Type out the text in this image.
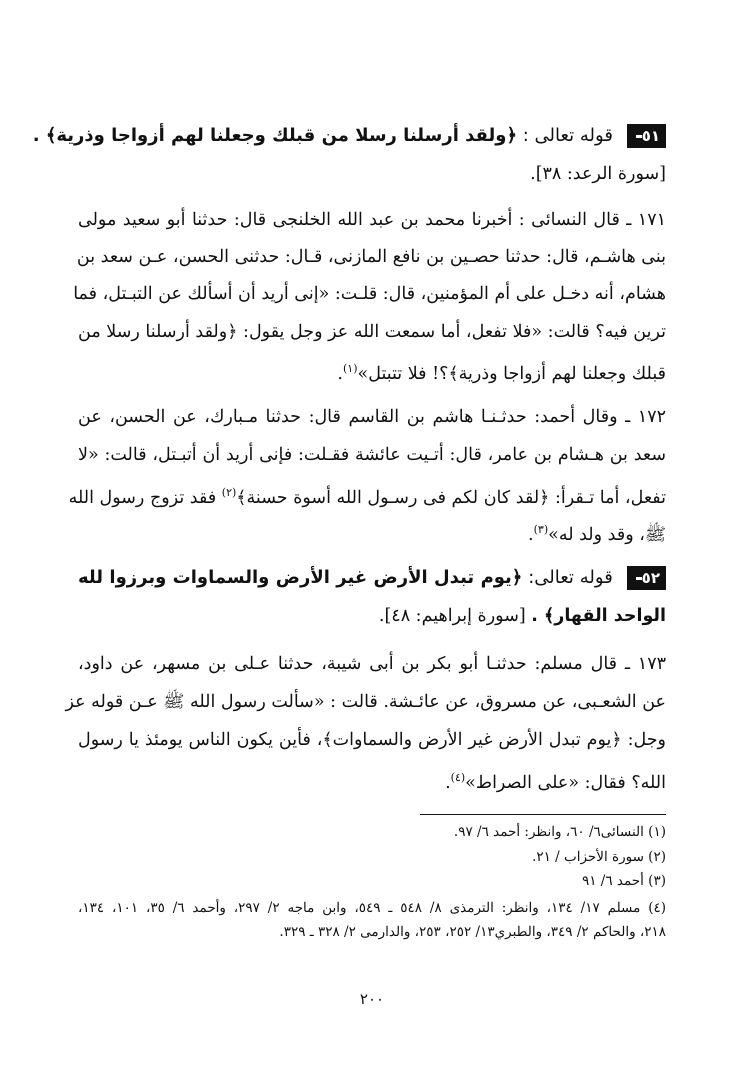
٥١ قوله تعالى : ﴿ولقد أرسلنا رسلا من قبلك وجعلنا لهم أزواجا وذرية﴾ .
[سورة الرعد: ٣٨].
١٧١ ـ قال النسائى : أخبرنا محمد بن عبد الله الخلنجى قال: حدثنا أبو سعيد مولى
بنى هاشـم، قال: حدثنا حصـين بن نافع المازنى، قـال: حدثنى الحسن، عـن سعد بن
هشام، أنه دخـل على أم المؤمنين، قال: قلـت: «إنى أريد أن أسألك عن التبـتل، فما
ترين فيه؟ قالت: «فلا تفعل، أما سمعت الله عز وجل يقول: ﴿ولقد أرسلنا رسلا من
قبلك وجعلنا لهم أزواجا وذرية﴾؟! فلا تتبتل»$^{(١)}$.
١٧٢ ـ وقال أحمد: حدثـنـا هاشم بن القاسم قال: حدثنا مـبارك، عن الحسن، عن
سعد بن هـشام بن عامر، قال: أتـيت عائشة فقـلت: فإنى أريد أن أتبـتل، قالت: «لا
تفعل، أما تـقرأ: ﴿لقد كان لكم فى رسـول الله أسوة حسنة﴾$^{(٢)}$ فقد تزوج رسول الله
ﷺ، وقد ولد له»$^{(٣)}$.
٥٢ قوله تعالى: ﴿يوم تبدل الأرض غير الأرض والسماوات وبرزوا لله
الواحد القهار﴾ . [سورة إبراهيم: ٤٨].
١٧٣ ـ قال مسلم: حدثنـا أبو بكر بن أبى شيبة، حدثنا عـلى بن مسهر، عن داود،
عن الشعـبى، عن مسروق، عن عائـشة. قالت : «سألت رسول الله ﷺ عـن قوله عز
وجل: ﴿يوم تبدل الأرض غير الأرض والسماوات﴾، فأين يكون الناس يومئذ يا رسول
الله؟ فقال: «على الصراط»$^{(٤)}$.
(١) النسائى٦/ ٦٠، وانظر: أحمد ٦/ ٩٧.
(٢) سورة الأحزاب / ٢١.
(٣) أحمد ٦/ ٩١
(٤) مسلم ١٧/ ١٣٤، وانظر: الترمذى ٨/ ٥٤٨ ـ ٥٤٩، وابن ماجه ٢/ ٢٩٧، وأحمد ٦/ ٣٥، ١٠١، ١٣٤،
٢١٨، والحاكم ٢/ ٣٤٩، والطبري١٣/ ٢٥٢، ٢٥٣، والدارمى ٢/ ٣٢٨ ـ ٣٢٩.
٢٠٠
